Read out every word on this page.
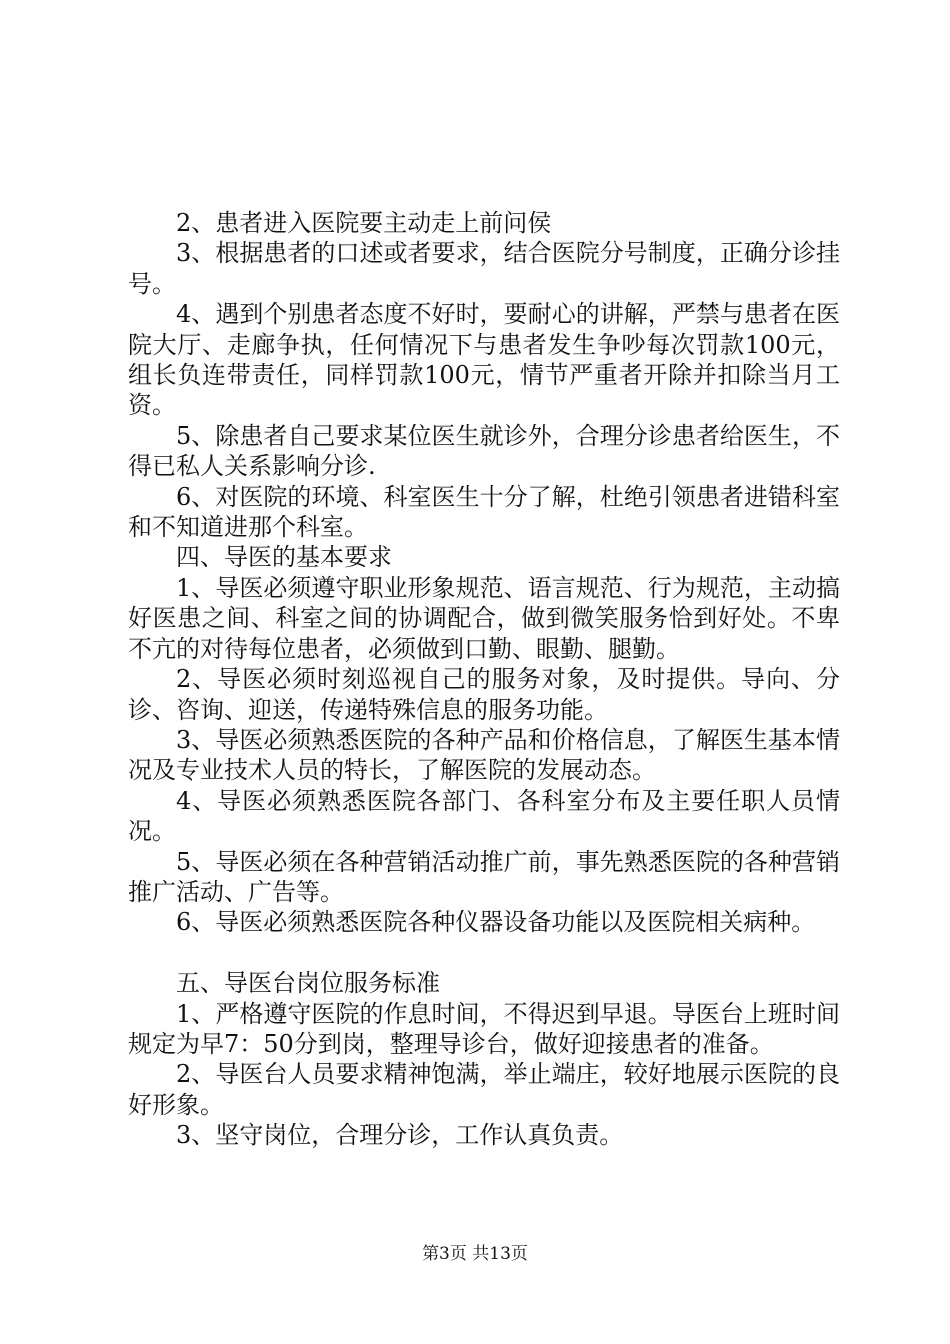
2、患者进入医院要主动走上前问侯

3、根据患者的口述或者要求，结合医院分号制度，正确分诊挂号。

4、遇到个别患者态度不好时，要耐心的讲解，严禁与患者在医院大厅、走廊争执，任何情况下与患者发生争吵每次罚款100元，组长负连带责任，同样罚款100元，情节严重者开除并扣除当月工资。

5、除患者自己要求某位医生就诊外，合理分诊患者给医生，不得已私人关系影响分诊.

6、对医院的环境、科室医生十分了解，杜绝引领患者进错科室和不知道进那个科室。

四、导医的基本要求

1、导医必须遵守职业形象规范、语言规范、行为规范，主动搞好医患之间、科室之间的协调配合，做到微笑服务恰到好处。不卑不亢的对待每位患者，必须做到口勤、眼勤、腿勤。

2、导医必须时刻巡视自己的服务对象，及时提供。导向、分诊、咨询、迎送，传递特殊信息的服务功能。

3、导医必须熟悉医院的各种产品和价格信息，了解医生基本情况及专业技术人员的特长，了解医院的发展动态。

4、导医必须熟悉医院各部门、各科室分布及主要任职人员情况。

5、导医必须在各种营销活动推广前，事先熟悉医院的各种营销推广活动、广告等。

6、导医必须熟悉医院各种仪器设备功能以及医院相关病种。

五、导医台岗位服务标准

1、严格遵守医院的作息时间，不得迟到早退。导医台上班时间规定为早7：50分到岗，整理导诊台，做好迎接患者的准备。

2、导医台人员要求精神饱满，举止端庄，较好地展示医院的良好形象。

3、坚守岗位，合理分诊，工作认真负责。

第3页 共13页
